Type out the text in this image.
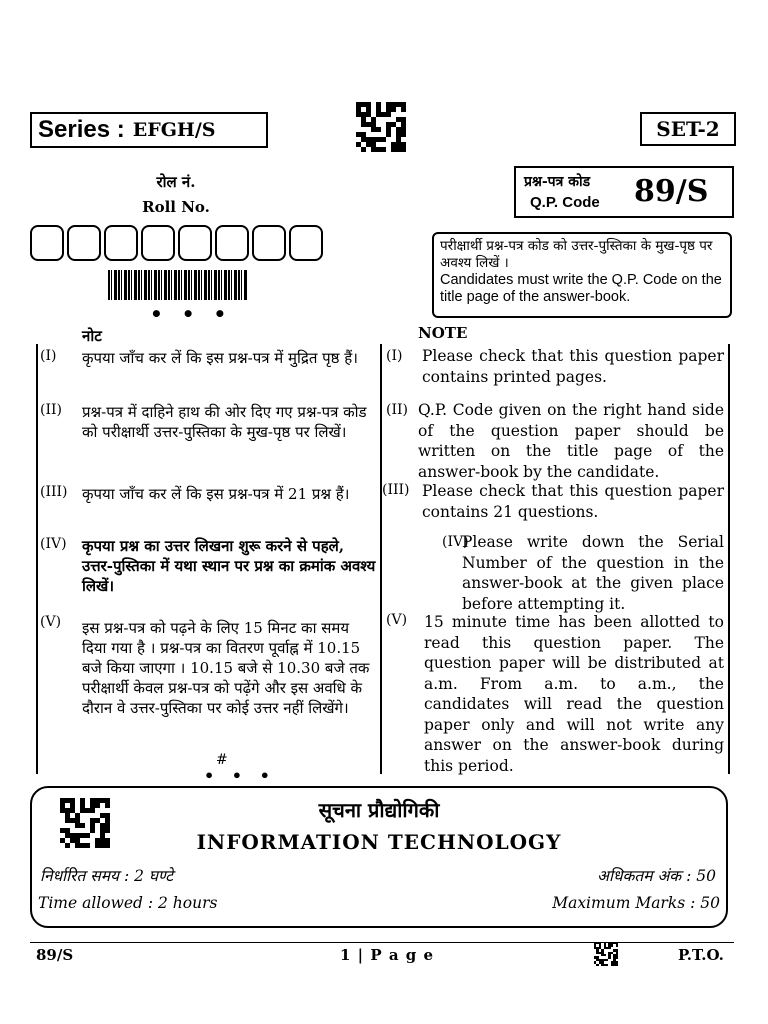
Series : EFGH/S	SET-2
रोल नं.
Roll No.
• • •
प्रश्न-पत्र कोड
Q.P. Code 89/S
परीक्षार्थी प्रश्न-पत्र कोड को उत्तर-पुस्तिका के मुख-पृष्ठ पर अवश्य लिखें ।
Candidates must write the Q.P. Code on the title page of the answer-book.
नोट	NOTE
(I) कृपया जाँच कर लें कि इस प्रश्न-पत्र में मुद्रित पृष्ठ हैं।
(II) प्रश्न-पत्र में दाहिने हाथ की ओर दिए गए प्रश्न-पत्र कोड को परीक्षार्थी उत्तर-पुस्तिका के मुख-पृष्ठ पर लिखें।
(III) कृपया जाँच कर लें कि इस प्रश्न-पत्र में 21 प्रश्न हैं।
(IV) कृपया प्रश्न का उत्तर लिखना शुरू करने से पहले, उत्तर-पुस्तिका में यथा स्थान पर प्रश्न का क्रमांक अवश्य लिखें।
(V) इस प्रश्न-पत्र को पढ़ने के लिए 15 मिनट का समय दिया गया है । प्रश्न-पत्र का वितरण पूर्वाह्न में 10.15 बजे किया जाएगा । 10.15 बजे से 10.30 बजे तक परीक्षार्थी केवल प्रश्न-पत्र को पढ़ेंगे और इस अवधि के दौरान वे उत्तर-पुस्तिका पर कोई उत्तर नहीं लिखेंगे।
#
• • •
(I) Please check that this question paper contains printed pages.
(II) Q.P. Code given on the right hand side of the question paper should be written on the title page of the answer-book by the candidate.
(III) Please check that this question paper contains 21 questions.
(IV)
Please write down the Serial Number of the question in the answer-book at the given place before attempting it.
(V) 15 minute time has been allotted to read this question paper. The question paper will be distributed at a.m. From a.m. to a.m., the candidates will read the question paper only and will not write any answer on the answer-book during this period.
सूचना प्रौद्योगिकी
INFORMATION TECHNOLOGY
निर्धारित समय : 2 घण्टे	अधिकतम अंक : 50
Time allowed : 2 hours	Maximum Marks : 50
89/S	1 | P a g e	P.T.O.
